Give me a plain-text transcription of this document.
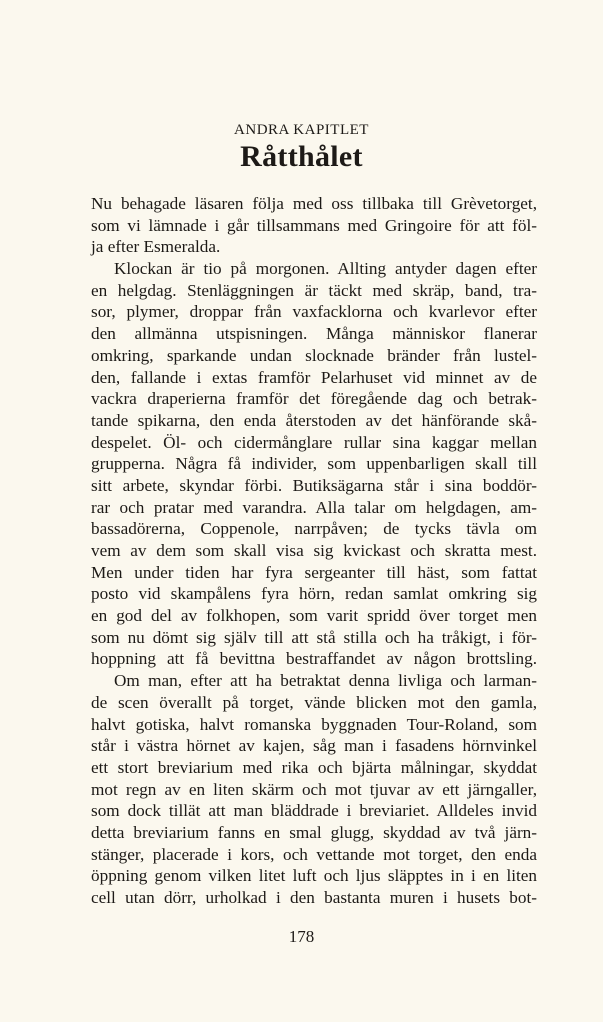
ANDRA KAPITLET
Råtthålet
Nu behagade läsaren följa med oss tillbaka till Grèvetorget,
som vi lämnade i går tillsammans med Gringoire för att föl-
ja efter Esmeralda.
Klockan är tio på morgonen. Allting antyder dagen efter
en helgdag. Stenläggningen är täckt med skräp, band, tra-
sor, plymer, droppar från vaxfacklorna och kvarlevor efter
den allmänna utspisningen. Många människor flanerar
omkring, sparkande undan slocknade bränder från lustel-
den, fallande i extas framför Pelarhuset vid minnet av de
vackra draperierna framför det föregående dag och betrak-
tande spikarna, den enda återstoden av det hänförande skå-
despelet. Öl- och cidermånglare rullar sina kaggar mellan
grupperna. Några få individer, som uppenbarligen skall till
sitt arbete, skyndar förbi. Butiksägarna står i sina boddör-
rar och pratar med varandra. Alla talar om helgdagen, am-
bassadörerna, Coppenole, narrpåven; de tycks tävla om
vem av dem som skall visa sig kvickast och skratta mest.
Men under tiden har fyra sergeanter till häst, som fattat
posto vid skampålens fyra hörn, redan samlat omkring sig
en god del av folkhopen, som varit spridd över torget men
som nu dömt sig själv till att stå stilla och ha tråkigt, i för-
hoppning att få bevittna bestraffandet av någon brottsling.
Om man, efter att ha betraktat denna livliga och larman-
de scen överallt på torget, vände blicken mot den gamla,
halvt gotiska, halvt romanska byggnaden Tour-Roland, som
står i västra hörnet av kajen, såg man i fasadens hörnvinkel
ett stort breviarium med rika och bjärta målningar, skyddat
mot regn av en liten skärm och mot tjuvar av ett järngaller,
som dock tillät att man bläddrade i breviariet. Alldeles invid
detta breviarium fanns en smal glugg, skyddad av två järn-
stänger, placerade i kors, och vettande mot torget, den enda
öppning genom vilken litet luft och ljus släpptes in i en liten
cell utan dörr, urholkad i den bastanta muren i husets bot-
178
